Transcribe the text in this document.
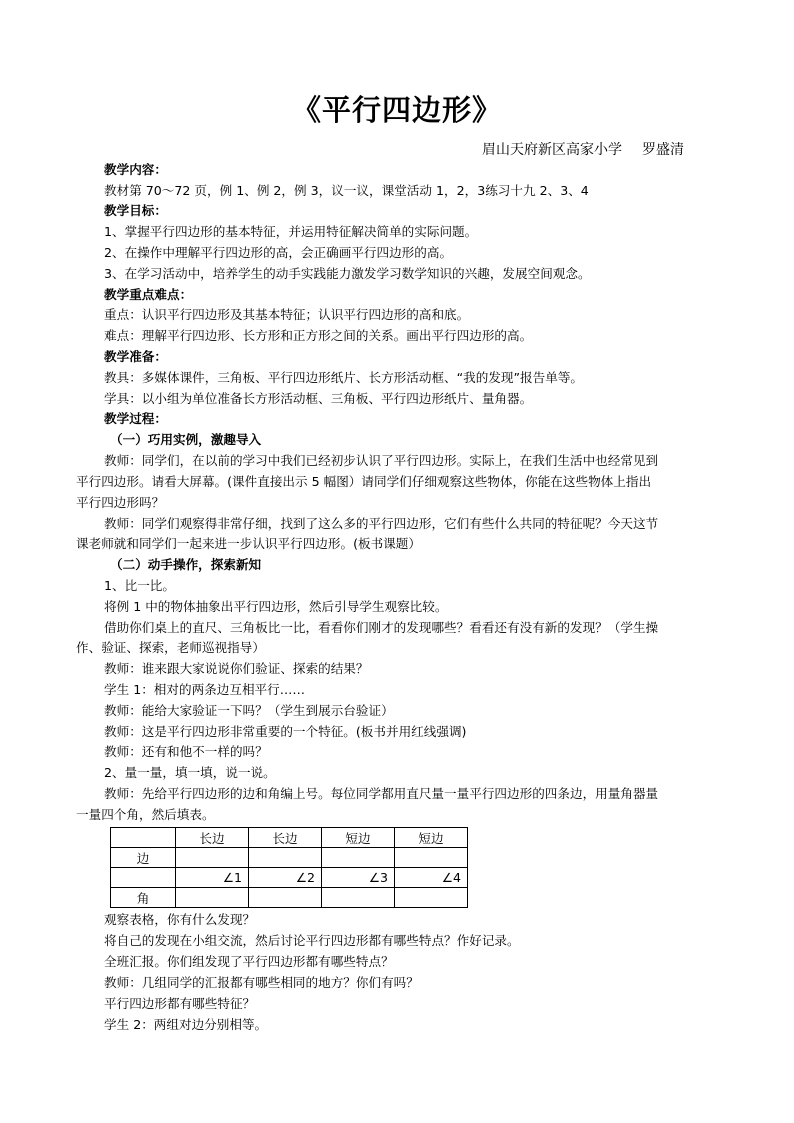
《平行四边形》
眉山天府新区高家小学 罗盛清
教学内容：
教材第 70～72 页，例 1、例 2，例 3，议一议，课堂活动 1，2，3练习十九 2、3、4
教学目标：
1、掌握平行四边形的基本特征，并运用特征解决简单的实际问题。
2、在操作中理解平行四边形的高，会正确画平行四边形的高。
3、在学习活动中，培养学生的动手实践能力激发学习数学知识的兴趣，发展空间观念。
教学重点难点：
重点：认识平行四边形及其基本特征；认识平行四边形的高和底。
难点：理解平行四边形、长方形和正方形之间的关系。画出平行四边形的高。
教学准备：
教具：多媒体课件，三角板、平行四边形纸片、长方形活动框、“我的发现”报告单等。
学具：以小组为单位准备长方形活动框、三角板、平行四边形纸片、量角器。
教学过程：
（一）巧用实例，激趣导入
教师：同学们，在以前的学习中我们已经初步认识了平行四边形。实际上，在我们生活中也经常见到
平行四边形。请看大屏幕。(课件直接出示 5 幅图）请同学们仔细观察这些物体，你能在这些物体上指出
平行四边形吗？
教师：同学们观察得非常仔细，找到了这么多的平行四边形，它们有些什么共同的特征呢？今天这节
课老师就和同学们一起来进一步认识平行四边形。(板书课题）
（二）动手操作，探索新知
1、比一比。
将例 1 中的物体抽象出平行四边形，然后引导学生观察比较。
借助你们桌上的直尺、三角板比一比，看看你们刚才的发现哪些？看看还有没有新的发现？（学生操
作、验证、探索，老师巡视指导）
教师：谁来跟大家说说你们验证、探索的结果？
学生 1：相对的两条边互相平行……
教师：能给大家验证一下吗？（学生到展示台验证）
教师：这是平行四边形非常重要的一个特征。(板书并用红线强调)
教师：还有和他不一样的吗？
2、量一量，填一填，说一说。
教师：先给平行四边形的边和角编上号。每位同学都用直尺量一量平行四边形的四条边，用量角器量
一量四个角，然后填表。
	长边	长边	短边	短边
边				
	∠1	∠2	∠3	∠4
角				
观察表格，你有什么发现？
将自己的发现在小组交流，然后讨论平行四边形都有哪些特点？作好记录。
全班汇报。你们组发现了平行四边形都有哪些特点？
教师：几组同学的汇报都有哪些相同的地方？你们有吗？
平行四边形都有哪些特征？
学生 2：两组对边分别相等。
